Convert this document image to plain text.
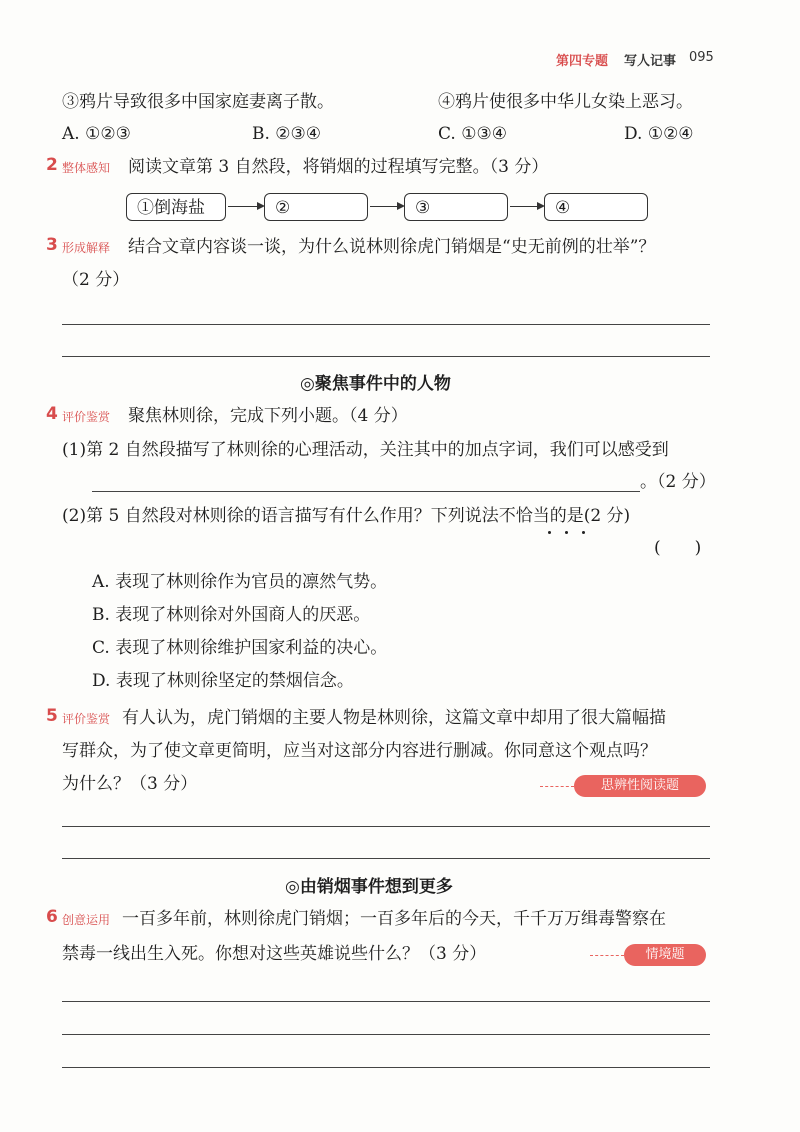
第四专题 写人记事 095
③鸦片导致很多中国家庭妻离子散。	④鸦片使很多中华儿女染上恶习。
A. ①②③	B. ②③④	C. ①③④	D. ①②④
2 整体感知 阅读文章第 3 自然段，将销烟的过程填写完整。（3 分）
①倒海盐	②	③	④
3 形成解释 结合文章内容谈一谈，为什么说林则徐虎门销烟是“史无前例的壮举”？
（2 分）
◎聚焦事件中的人物
4 评价鉴赏 聚焦林则徐，完成下列小题。（4 分）
(1)第 2 自然段描写了林则徐的心理活动，关注其中的加点字词，我们可以感受到
。（2 分）
(2)第 5 自然段对林则徐的语言描写有什么作用？下列说法不恰当的是(2 分)
(　　)
A. 表现了林则徐作为官员的凛然气势。
B. 表现了林则徐对外国商人的厌恶。
C. 表现了林则徐维护国家利益的决心。
D. 表现了林则徐坚定的禁烟信念。
5 评价鉴赏 有人认为，虎门销烟的主要人物是林则徐，这篇文章中却用了很大篇幅描
写群众，为了使文章更简明，应当对这部分内容进行删减。你同意这个观点吗？
为什么？（3 分）	思辨性阅读题
◎由销烟事件想到更多
6 创意运用 一百多年前，林则徐虎门销烟；一百多年后的今天，千千万万缉毒警察在
禁毒一线出生入死。你想对这些英雄说些什么？（3 分）	情境题
